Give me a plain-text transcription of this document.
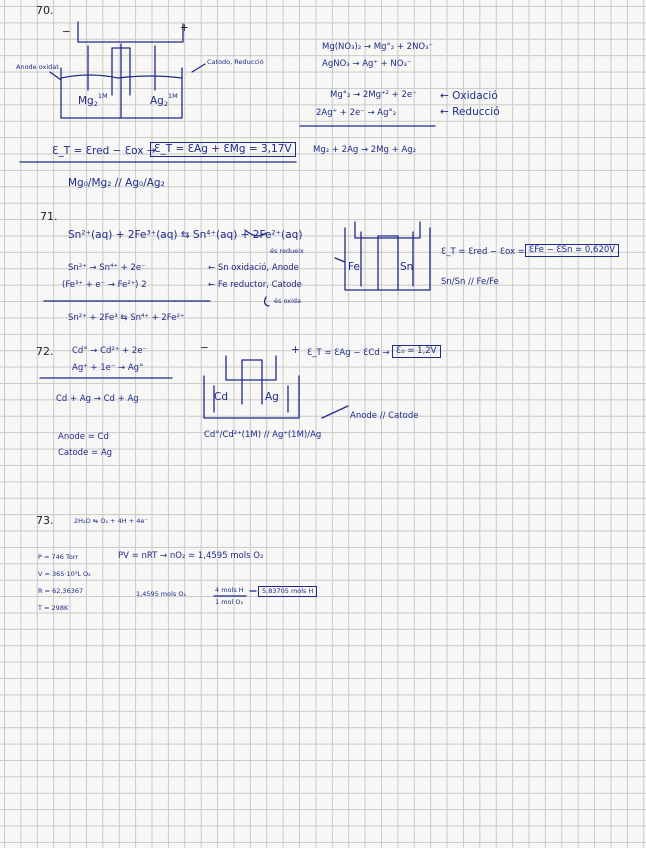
70.
−	+
Anode oxidat
Catodo, Reducció
$Mg2^{1M}$	$Ag2^{1M}$
Mg(NO₃)₂ → Mg°₂ + 2NO₃⁻
AgNO₃ → Ag⁺ + NO₃⁻
Mg°₂ → 2Mg⁺² + 2e⁻ ← Oxidació
2Ag⁺ + 2e⁻ → Ag°₂	← Reducció
Mg₂ + 2Ag → 2Mg + Ag₂
Ɛ_T = Ɛred − Ɛox →
Ɛ_T = ƐAg + ƐMg = 3,17V
Mg₀/Mg₂ // Ag₀/Ag₂
71.
Sn²⁺(aq) + 2Fe³⁺(aq) ⇆ Sn⁴⁺(aq) + 2Fe²⁺(aq)
és redueix
Sn²⁺ → Sn⁴⁺ + 2e⁻	← Sn oxidació, Anode
(Fe³⁺ + e⁻ → Fe²⁺) 2	← Fe reductor, Catode
és oxida
Sn²⁺ + 2Fe³ ⇆ Sn⁴⁺ + 2Fe²⁺
Fe	Sn
Ɛ_T = Ɛred − Ɛox = ƐFe − ƐSn = 0,620V
Sn/Sn // Fe/Fe
72. Cd° → Cd²⁺ + 2e⁻
Ag⁺ + 1e⁻ → Ag°
Cd + Ag → Cd + Ag
Anode = Cd
Catode = Ag
−	+ Ɛ_T = ƐAg − ƐCd → Ɛ₀ = 1,2V
Cd	Ag
Anode // Catode
Cd°/Cd²⁺(1M) // Ag⁺(1M)/Ag
73.	2H₂O ⇆ O₂ + 4H + 4e⁻
P = 746 Torr
V = 365·10³L O₂
R = 62,36367
T = 298K
PV = nRT → nO₂ = 1,4595 mols O₂
1,4595 mols O₂	4 mols H
1 mol O₂
5,83705 mols H
